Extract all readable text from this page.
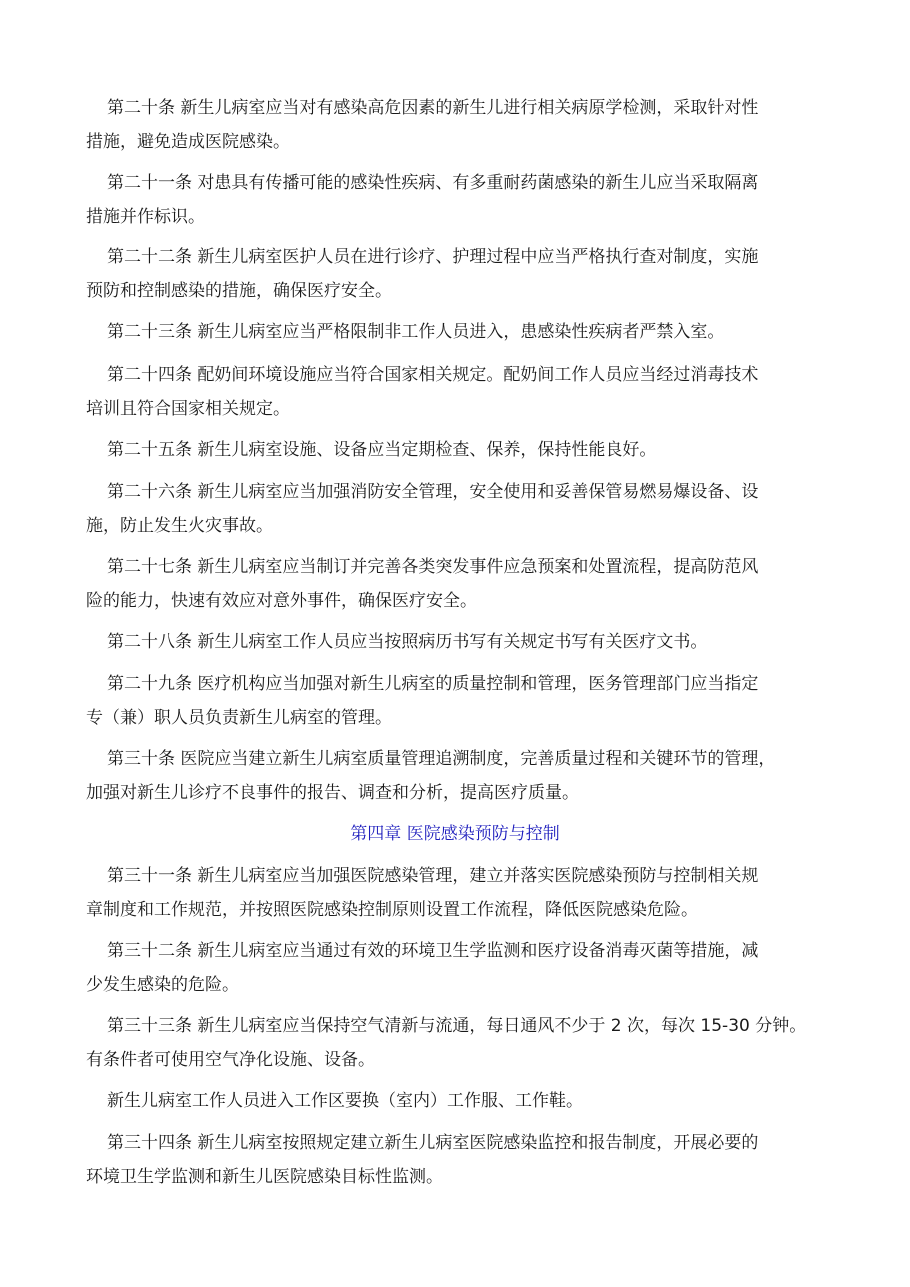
第二十条 新生儿病室应当对有感染高危因素的新生儿进行相关病原学检测，采取针对性
措施，避免造成医院感染。

第二十一条 对患具有传播可能的感染性疾病、有多重耐药菌感染的新生儿应当采取隔离
措施并作标识。

第二十二条 新生儿病室医护人员在进行诊疗、护理过程中应当严格执行查对制度，实施
预防和控制感染的措施，确保医疗安全。

第二十三条 新生儿病室应当严格限制非工作人员进入，患感染性疾病者严禁入室。

第二十四条 配奶间环境设施应当符合国家相关规定。配奶间工作人员应当经过消毒技术
培训且符合国家相关规定。

第二十五条 新生儿病室设施、设备应当定期检查、保养，保持性能良好。

第二十六条 新生儿病室应当加强消防安全管理，安全使用和妥善保管易燃易爆设备、设
施，防止发生火灾事故。

第二十七条 新生儿病室应当制订并完善各类突发事件应急预案和处置流程，提高防范风
险的能力，快速有效应对意外事件，确保医疗安全。

第二十八条 新生儿病室工作人员应当按照病历书写有关规定书写有关医疗文书。

第二十九条 医疗机构应当加强对新生儿病室的质量控制和管理，医务管理部门应当指定
专（兼）职人员负责新生儿病室的管理。

第三十条 医院应当建立新生儿病室质量管理追溯制度，完善质量过程和关键环节的管理，
加强对新生儿诊疗不良事件的报告、调查和分析，提高医疗质量。

第四章 医院感染预防与控制

第三十一条 新生儿病室应当加强医院感染管理，建立并落实医院感染预防与控制相关规
章制度和工作规范，并按照医院感染控制原则设置工作流程，降低医院感染危险。

第三十二条 新生儿病室应当通过有效的环境卫生学监测和医疗设备消毒灭菌等措施，减
少发生感染的危险。

第三十三条 新生儿病室应当保持空气清新与流通，每日通风不少于 2 次，每次 15-30 分钟。
有条件者可使用空气净化设施、设备。

新生儿病室工作人员进入工作区要换（室内）工作服、工作鞋。

第三十四条 新生儿病室按照规定建立新生儿病室医院感染监控和报告制度，开展必要的
环境卫生学监测和新生儿医院感染目标性监测。
